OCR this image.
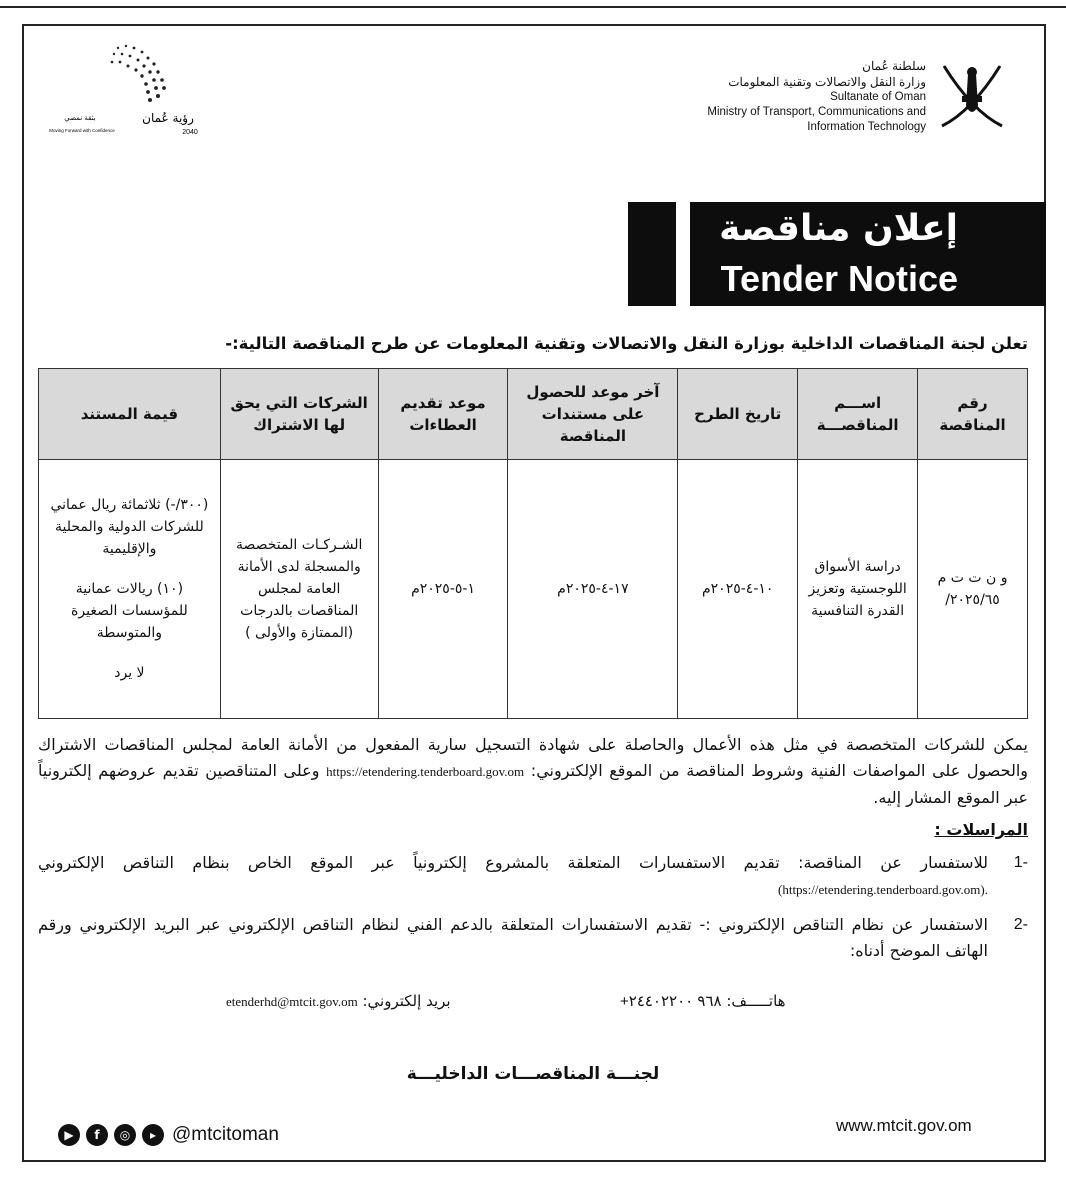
سلطنة عُمان
وزارة النقل والاتصالات وتقنية المعلومات
Sultanate of Oman
Ministry of Transport, Communications and
Information Technology
رؤية عُمان
2040
بثقة نمضي
Moving Forward with Confidence
إعلان مناقصة
Tender Notice
تعلن لجنة المناقصات الداخلية بوزارة النقل والاتصالات وتقنية المعلومات عن طرح المناقصة التالية:-
رقم المناقصة	اســـم المناقصـــة	تاريخ الطرح	آخر موعد للحصول على مستندات المناقصة	موعد تقديم العطاءات	الشركات التي يحق لها الاشتراك	قيمة المستند

و ن ت ت م ٢٠٢٥/٦٥/	دراسة الأسواق اللوجستية وتعزيز القدرة التنافسية	١٠-٤-٢٠٢٥م	١٧-٤-٢٠٢٥م	١-٥-٢٠٢٥م	الشـركـات المتخصصة والمسجلة لدى الأمانة العامة لمجلس المناقصات بالدرجات (الممتازة والأولى )	(٣٠٠/-) ثلاثمائة ريال عماني للشركات الدولية والمحلية والإقليمية
(١٠) ريالات عمانية للمؤسسات الصغيرة والمتوسطة
لا يرد
يمكن للشركات المتخصصة في مثل هذه الأعمال والحاصلة على شهادة التسجيل سارية المفعول من الأمانة العامة لمجلس المناقصات الاشتراك والحصول على المواصفات الفنية وشروط المناقصة من الموقع الإلكتروني: https://etendering.tenderboard.gov.om وعلى المتناقصين تقديم عروضهم إلكترونياً عبر الموقع المشار إليه.
المراسلات :
-1
للاستفسار عن المناقصة: تقديم الاستفسارات المتعلقة بالمشروع إلكترونياً عبر الموقع الخاص بنظام التناقص الإلكتروني (https://etendering.tenderboard.gov.om).
-2
الاستفسار عن نظام التناقص الإلكتروني :- تقديم الاستفسارات المتعلقة بالدعم الفني لنظام التناقص الإلكتروني عبر البريد الإلكتروني ورقم الهاتف الموضح أدناه:
هاتـــــف: +٩٦٨ ٢٤٤٠٢٢٠٠
بريد إلكتروني: etenderhd@mtcit.gov.om
لجنـــة المناقصـــات الداخليـــة
www.mtcit.gov.om
▶	f	◎	▸ @mtcitoman
